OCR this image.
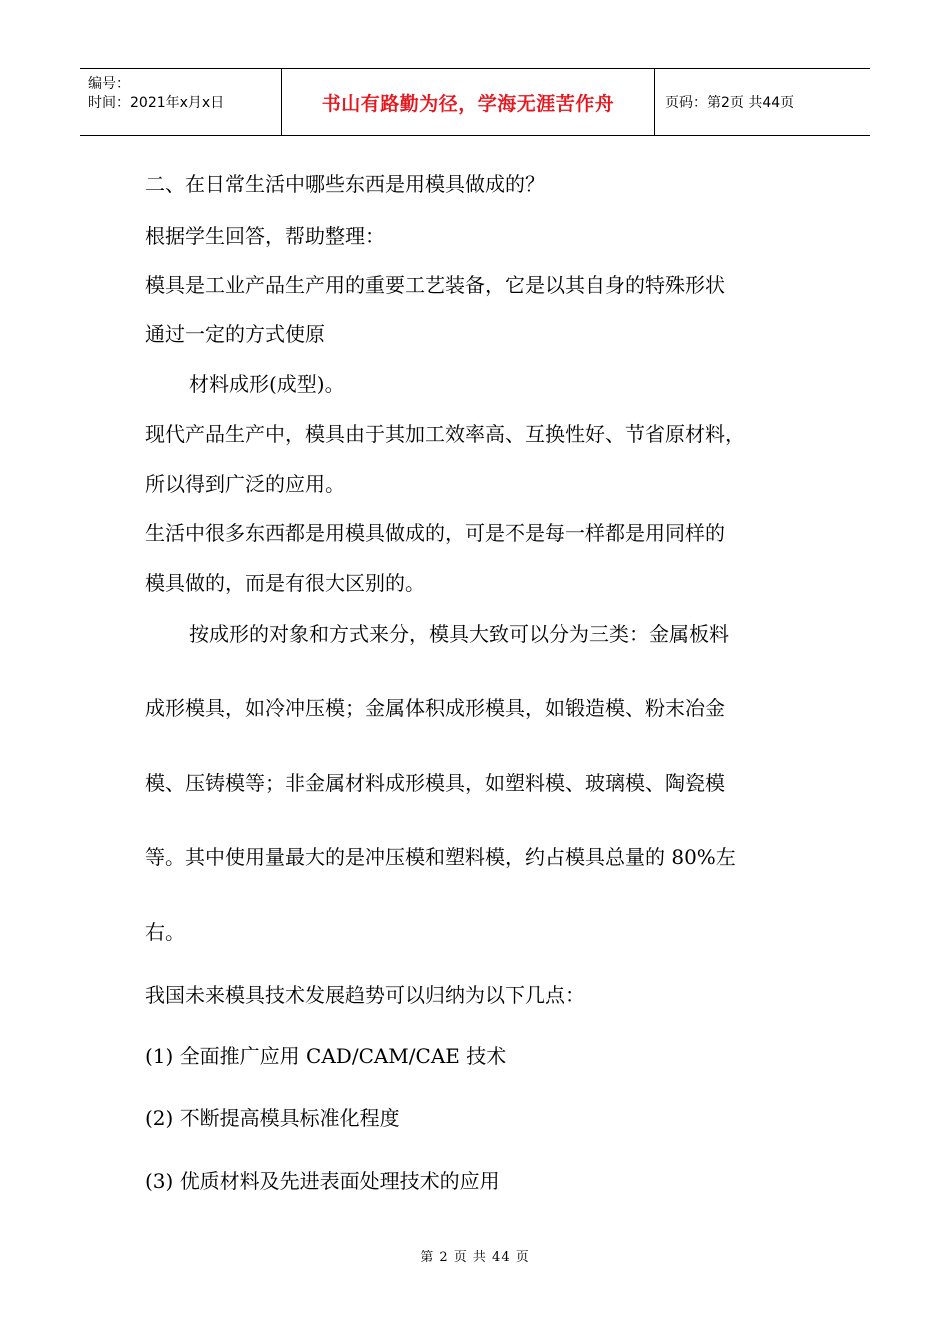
编号：
时间：2021年x月x日	书山有路勤为径，学海无涯苦作舟	页码：第2页 共44页
二、在日常生活中哪些东西是用模具做成的？
根据学生回答，帮助整理：
模具是工业产品生产用的重要工艺装备，它是以其自身的特殊形状
通过一定的方式使原
材料成形(成型)。
现代产品生产中，模具由于其加工效率高、互换性好、节省原材料，
所以得到广泛的应用。
生活中很多东西都是用模具做成的，可是不是每一样都是用同样的
模具做的，而是有很大区别的。
按成形的对象和方式来分，模具大致可以分为三类：金属板料
成形模具，如冷冲压模；金属体积成形模具，如锻造模、粉末冶金
模、压铸模等；非金属材料成形模具，如塑料模、玻璃模、陶瓷模
等。其中使用量最大的是冲压模和塑料模，约占模具总量的 80%左
右。
我国未来模具技术发展趋势可以归纳为以下几点：
(1) 全面推广应用 CAD/CAM/CAE 技术
(2) 不断提高模具标准化程度
(3) 优质材料及先进表面处理技术的应用
第 2 页 共 44 页
